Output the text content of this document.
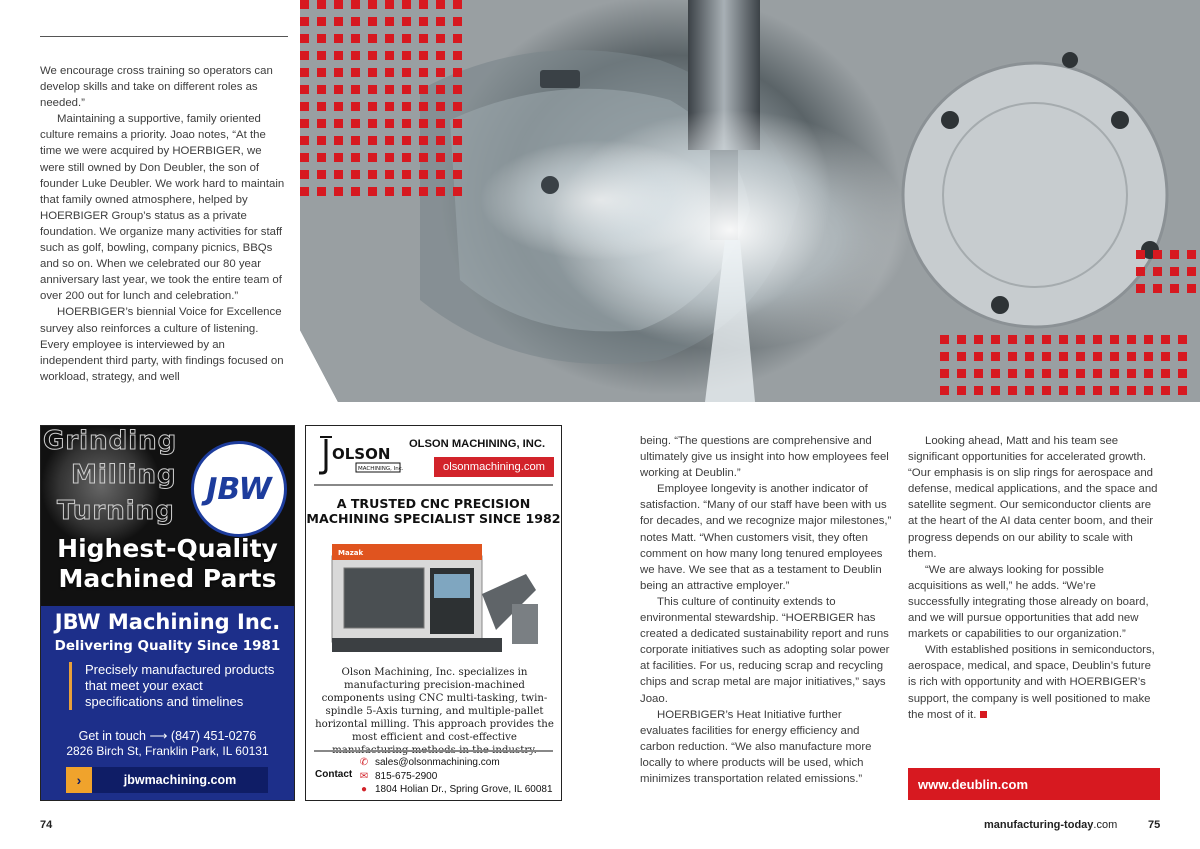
We encourage cross training so operators can develop skills and take on different roles as needed.”

Maintaining a supportive, family oriented culture remains a priority. Joao notes, “At the time we were acquired by HOERBIGER, we were still owned by Don Deubler, the son of founder Luke Deubler. We work hard to maintain that family owned atmosphere, helped by HOERBIGER Group’s status as a private foundation. We organize many activities for staff such as golf, bowling, company picnics, BBQs and so on. When we celebrated our 80 year anniversary last year, we took the entire team of over 200 out for lunch and celebration.”

HOERBIGER’s biennial Voice for Excellence survey also reinforces a culture of listening. Every employee is interviewed by an independent third party, with findings focused on workload, strategy, and well

Grinding
Milling
Turning
JBW
Highest-Quality
Machined Parts
JBW Machining Inc.
Delivering Quality Since 1981
Precisely manufactured products that meet your exact specifications and timelines
Get in touch ⟶ (847) 451-0276
2826 Birch St, Franklin Park, IL 60131
›	jbwmachining.com
OLSON
MACHINING, Inc.
OLSON MACHINING, INC.
olsonmachining.com
A TRUSTED CNC PRECISION
MACHINING SPECIALIST SINCE 1982
Mazak
Olson Machining, Inc. specializes in manufacturing precision-machined components using CNC multi-tasking, twin-spindle 5-Axis turning, and multiple-pallet horizontal milling. This approach provides the most efficient and cost-effective
Contact
✆ sales@olsonmachining.com
✉ 815-675-2900
● 1804 Holian Dr., Spring Grove, IL 60081

being. “The questions are comprehensive and ultimately give us insight into how employees feel working at Deublin.”

Employee longevity is another indicator of satisfaction. “Many of our staff have been with us for decades, and we recognize major milestones,” notes Matt. “When customers visit, they often comment on how many long tenured employees we have. We see that as a testament to Deublin being an attractive employer.”

This culture of continuity extends to environmental stewardship. “HOERBIGER has created a dedicated sustainability report and runs corporate initiatives such as adopting solar power at facilities. For us, reducing scrap and recycling chips and scrap metal are major initiatives,” says Joao.

HOERBIGER’s Heat Initiative further evaluates facilities for energy efficiency and carbon reduction. “We also manufacture more locally to where products will be used, which minimizes transportation related emissions.”

Looking ahead, Matt and his team see significant opportunities for accelerated growth. “Our emphasis is on slip rings for aerospace and defense, medical applications, and the space and satellite segment. Our semiconductor clients are at the heart of the AI data center boom, and their progress depends on our ability to scale with them.

“We are always looking for possible acquisitions as well,” he adds. “We’re successfully integrating those already on board, and we will pursue opportunities that add new markets or capabilities to our organization.”

With established positions in semiconductors, aerospace, medical, and space, Deublin’s future is rich with opportunity and with HOERBIGER’s support, the company is well positioned to make the most of it.

www.deublin.com
74	manufacturing-today.com	75
